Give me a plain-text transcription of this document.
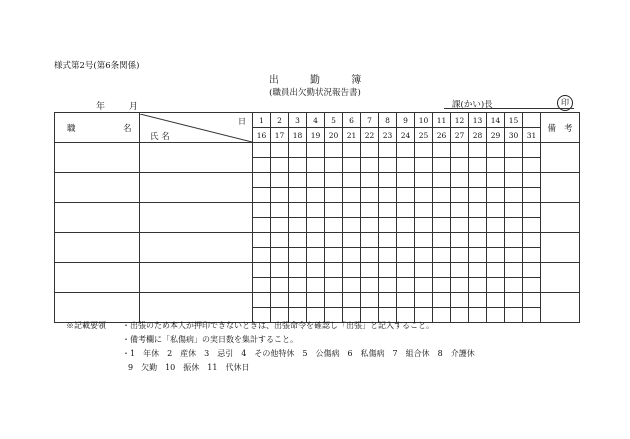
様式第2号(第6条関係)
出	勤	簿
(職員出欠勤状況報告書)
年	月	課(かい)長	印
職 名	日
氏 名	1	2	3	4	5	6	7	8	9	10	11	12	13	14	15		備 考
		16	17	18	19	20	21	22	23	24	25	26	27	28	29	30	31	

※記載要領 ・出張のため本人が押印できないときは、出張命令を確認し「出張」と記入すること。
・備考欄に「私傷病」の実日数を集計すること。
・1　年休　2　産休　3　忌引　4　その他特休　5　公傷病　6　私傷病　7　組合休　8　介護休
9　欠勤　10　振休　11　代休日
